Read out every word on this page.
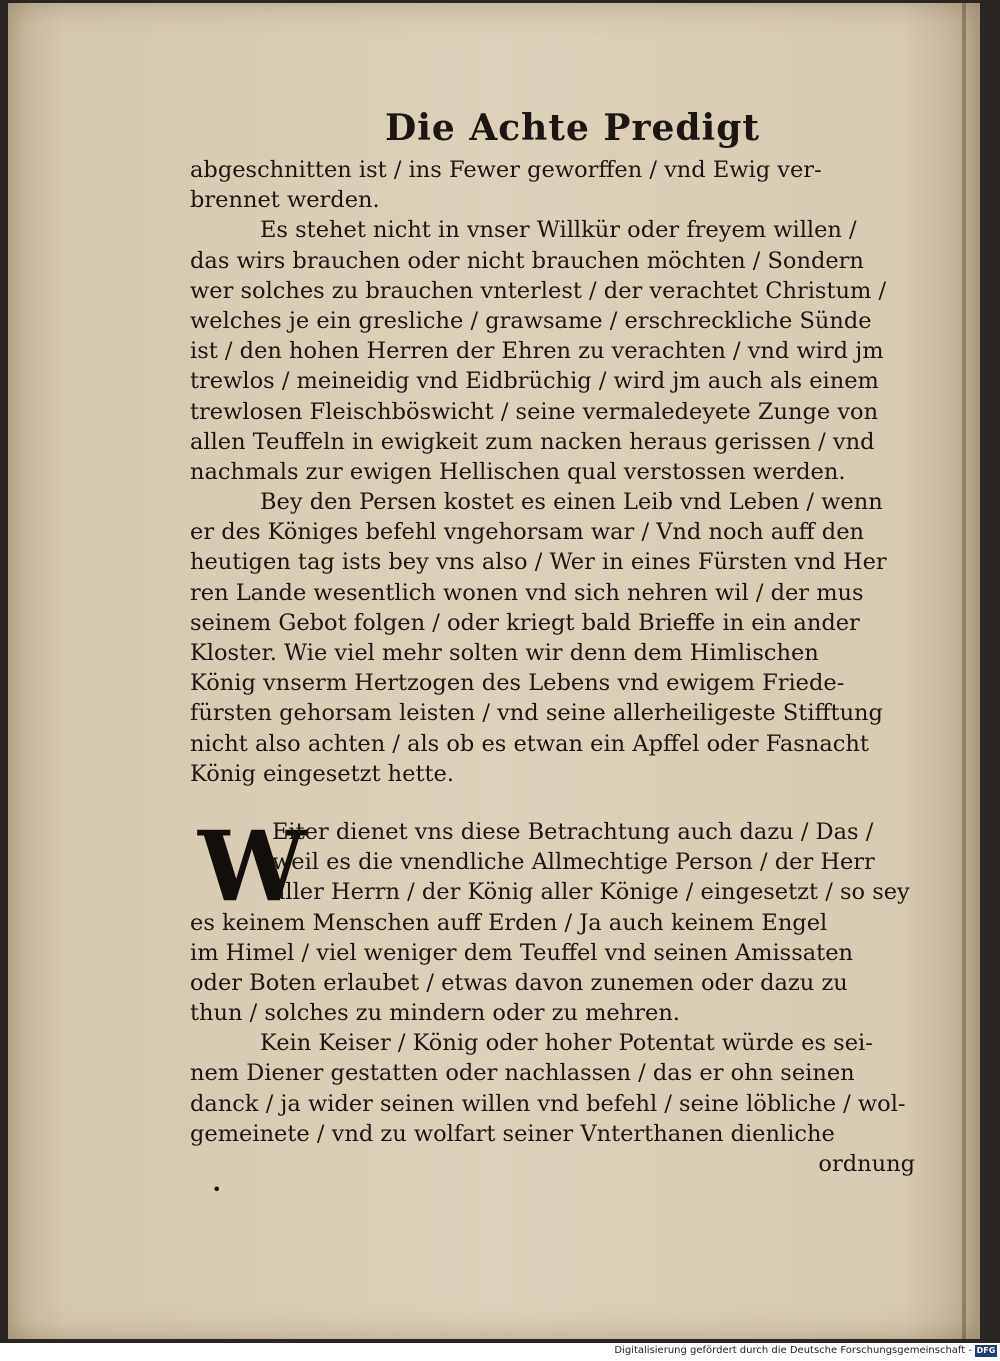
Die Achte Predigt
abgeschnitten ist / ins Fewer geworffen / vnd Ewig ver-
brennet werden.
Es stehet nicht in vnser Willkür oder freyem willen /
das wirs brauchen oder nicht brauchen möchten / Sondern
wer solches zu brauchen vnterlest / der verachtet Christum /
welches je ein gresliche / grawsame / erschreckliche Sünde
ist / den hohen Herren der Ehren zu verachten / vnd wird jm
trewlos / meineidig vnd Eidbrüchig / wird jm auch als einem
trewlosen Fleischböswicht / seine vermaledeyete Zunge von
allen Teuffeln in ewigkeit zum nacken heraus gerissen / vnd
nachmals zur ewigen Hellischen qual verstossen werden.
Bey den Persen kostet es einen Leib vnd Leben / wenn
er des Königes befehl vngehorsam war / Vnd noch auff den
heutigen tag ists bey vns also / Wer in eines Fürsten vnd Her
ren Lande wesentlich wonen vnd sich nehren wil / der mus
seinem Gebot folgen / oder kriegt bald Brieffe in ein ander
Kloster. Wie viel mehr solten wir denn dem Himlischen
König vnserm Hertzogen des Lebens vnd ewigem Friede-
fürsten gehorsam leisten / vnd seine allerheiligeste Stifftung
nicht also achten / als ob es etwan ein Apffel oder Fasnacht
König eingesetzt hette.
W
Eiter dienet vns diese Betrachtung auch dazu / Das /
weil es die vnendliche Allmechtige Person / der Herr
aller Herrn / der König aller Könige / eingesetzt / so sey
es keinem Menschen auff Erden / Ja auch keinem Engel
im Himel / viel weniger dem Teuffel vnd seinen Amissaten
oder Boten erlaubet / etwas davon zunemen oder dazu zu
thun / solches zu mindern oder zu mehren.
Kein Keiser / König oder hoher Potentat würde es sei-
nem Diener gestatten oder nachlassen / das er ohn seinen
danck / ja wider seinen willen vnd befehl / seine löbliche / wol-
gemeinete / vnd zu wolfart seiner Vnterthanen dienliche
ordnung
•
Digitalisierung gefördert durch die Deutsche Forschungsgemeinschaft - DFG
